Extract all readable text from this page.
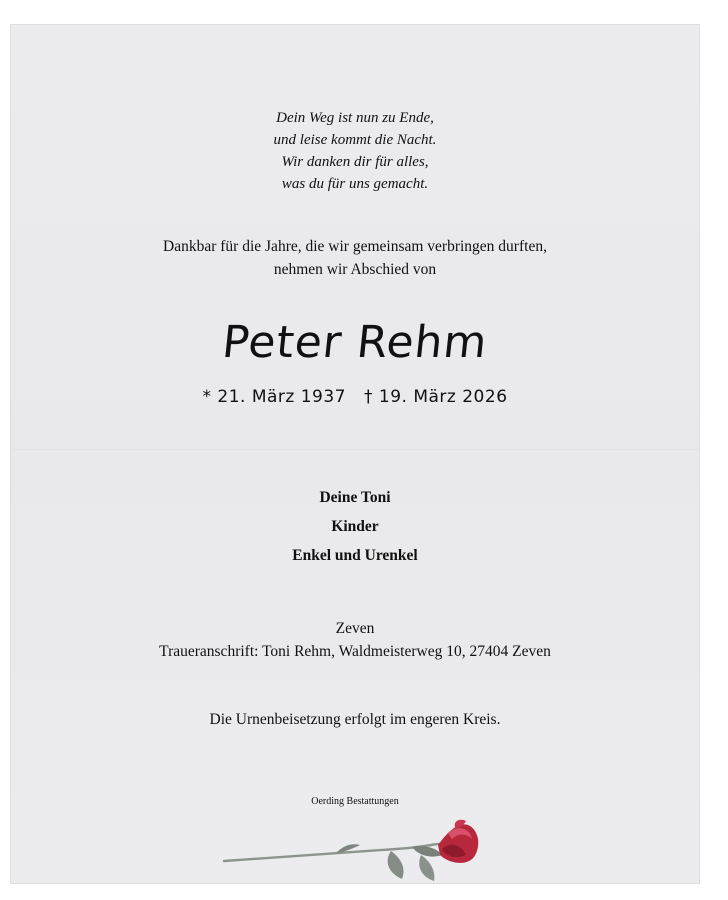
Dein Weg ist nun zu Ende,
und leise kommt die Nacht.
Wir danken dir für alles,
was du für uns gemacht.
Dankbar für die Jahre, die wir gemeinsam verbringen durften,
nehmen wir Abschied von
Peter Rehm
* 21. März 1937 † 19. März 2026
Deine Toni
Kinder
Enkel und Urenkel
Zeven
Traueranschrift: Toni Rehm, Waldmeisterweg 10, 27404 Zeven
Die Urnenbeisetzung erfolgt im engeren Kreis.
Oerding Bestattungen
